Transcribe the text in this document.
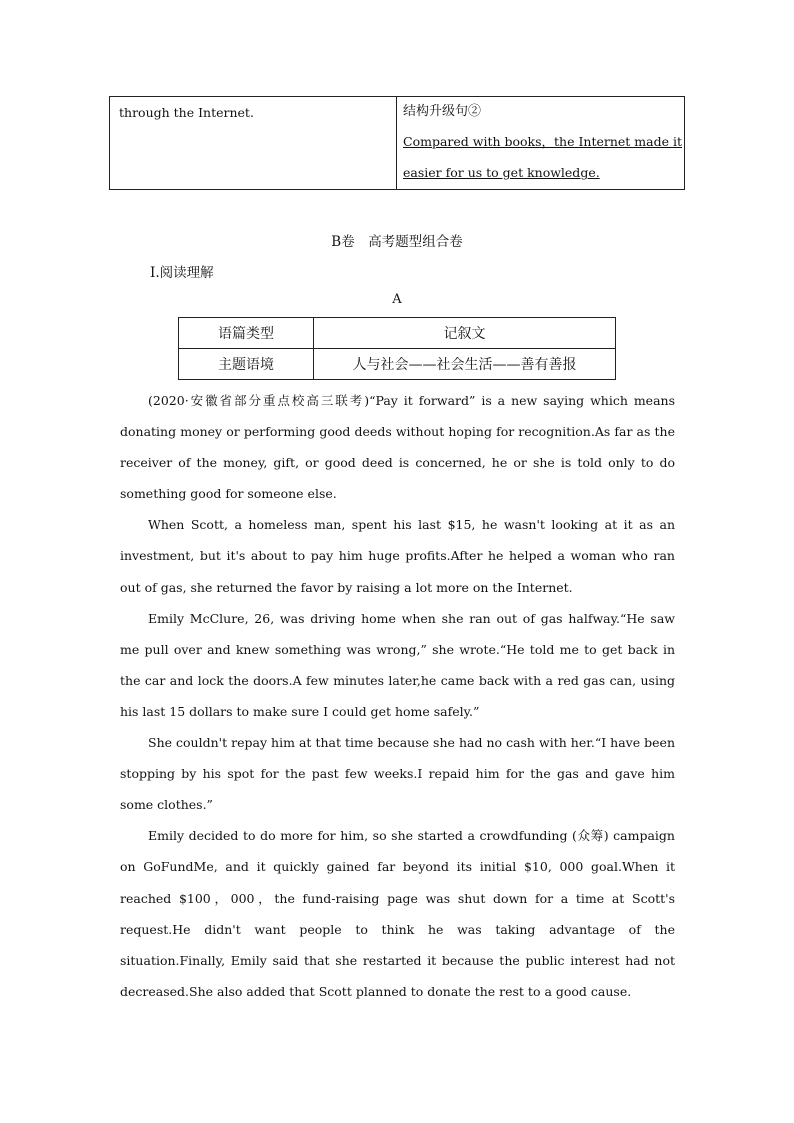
through the Internet.	结构升级句②
Compared with books，the Internet made it
easier for us to get knowledge.
B卷　高考题型组合卷
Ⅰ.阅读理解
A
语篇类型	记叙文
主题语境	人与社会——社会生活——善有善报

(2020·安徽省部分重点校高三联考)“Pay it forward” is a new saying which means donating money or performing good deeds without hoping for recognition.As far as the receiver of the money, gift, or good deed is concerned, he or she is told only to do something good for someone else.

When Scott, a homeless man, spent his last $15, he wasn't looking at it as an investment, but it's about to pay him huge profits.After he helped a woman who ran out of gas, she returned the favor by raising a lot more on the Internet.

Emily McClure, 26, was driving home when she ran out of gas halfway.“He saw me pull over and knew something was wrong,” she wrote.“He told me to get back in the car and lock the doors.A few minutes later,he came back with a red gas can, using his last 15 dollars to make sure I could get home safely.”

She couldn't repay him at that time because she had no cash with her.“I have been stopping by his spot for the past few weeks.I repaid him for the gas and gave him some clothes.”

Emily decided to do more for him, so she started a crowdfunding (众筹) campaign on GoFundMe, and it quickly gained far beyond its initial $10, 000 goal.When it reached $100，000，the fund-raising page was shut down for a time at Scott's request.He didn't want people to think he was taking advantage of the situation.Finally, Emily said that she restarted it because the public interest had not decreased.She also added that Scott planned to donate the rest to a good cause.
